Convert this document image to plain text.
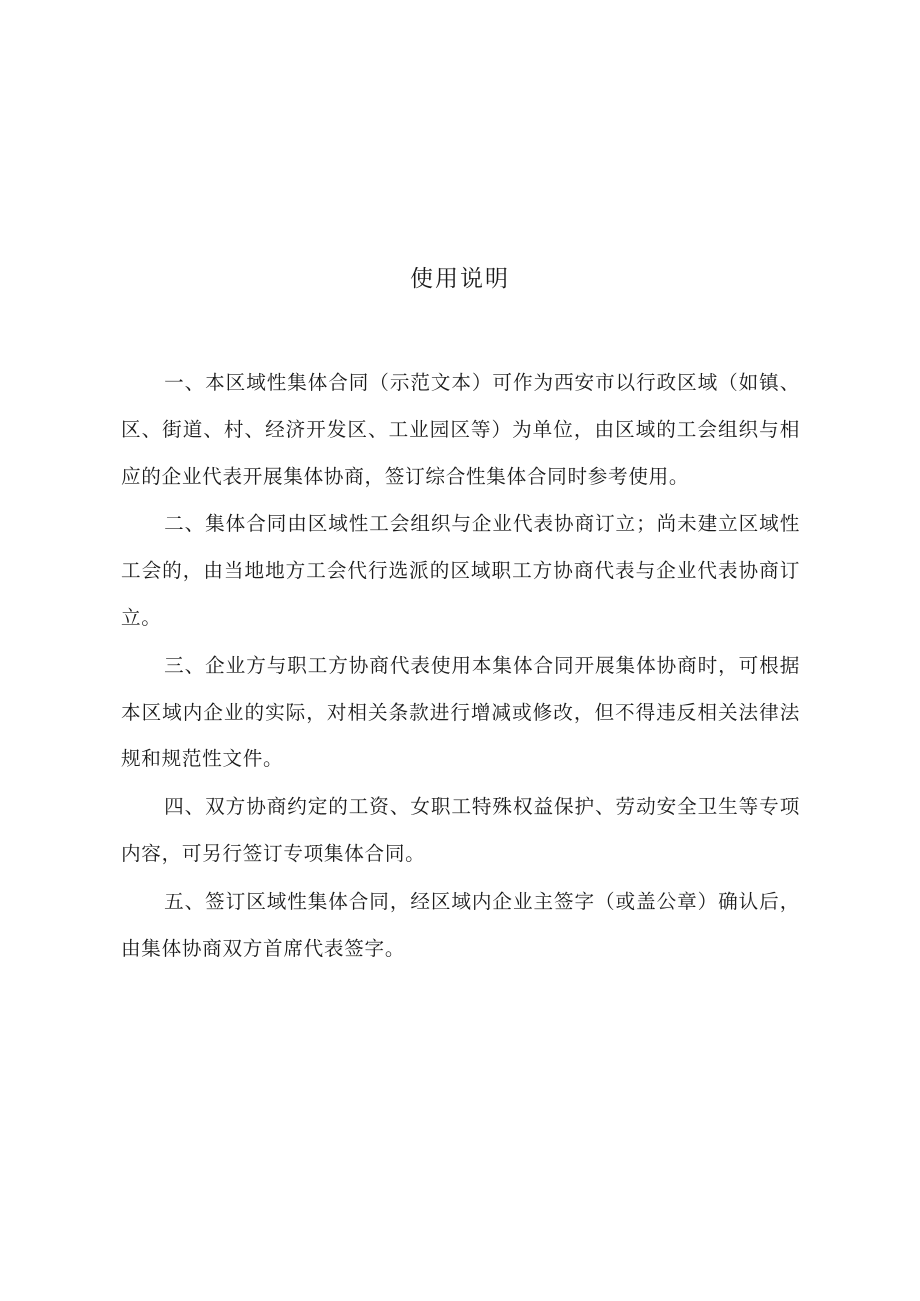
使用说明

一、本区域性集体合同（示范文本）可作为西安市以行政区域（如镇、区、街道、村、经济开发区、工业园区等）为单位，由区域的工会组织与相应的企业代表开展集体协商，签订综合性集体合同时参考使用。

二、集体合同由区域性工会组织与企业代表协商订立；尚未建立区域性工会的，由当地地方工会代行选派的区域职工方协商代表与企业代表协商订立。

三、企业方与职工方协商代表使用本集体合同开展集体协商时，可根据本区域内企业的实际，对相关条款进行增减或修改，但不得违反相关法律法规和规范性文件。

四、双方协商约定的工资、女职工特殊权益保护、劳动安全卫生等专项内容，可另行签订专项集体合同。

五、签订区域性集体合同，经区域内企业主签字（或盖公章）确认后，由集体协商双方首席代表签字。
